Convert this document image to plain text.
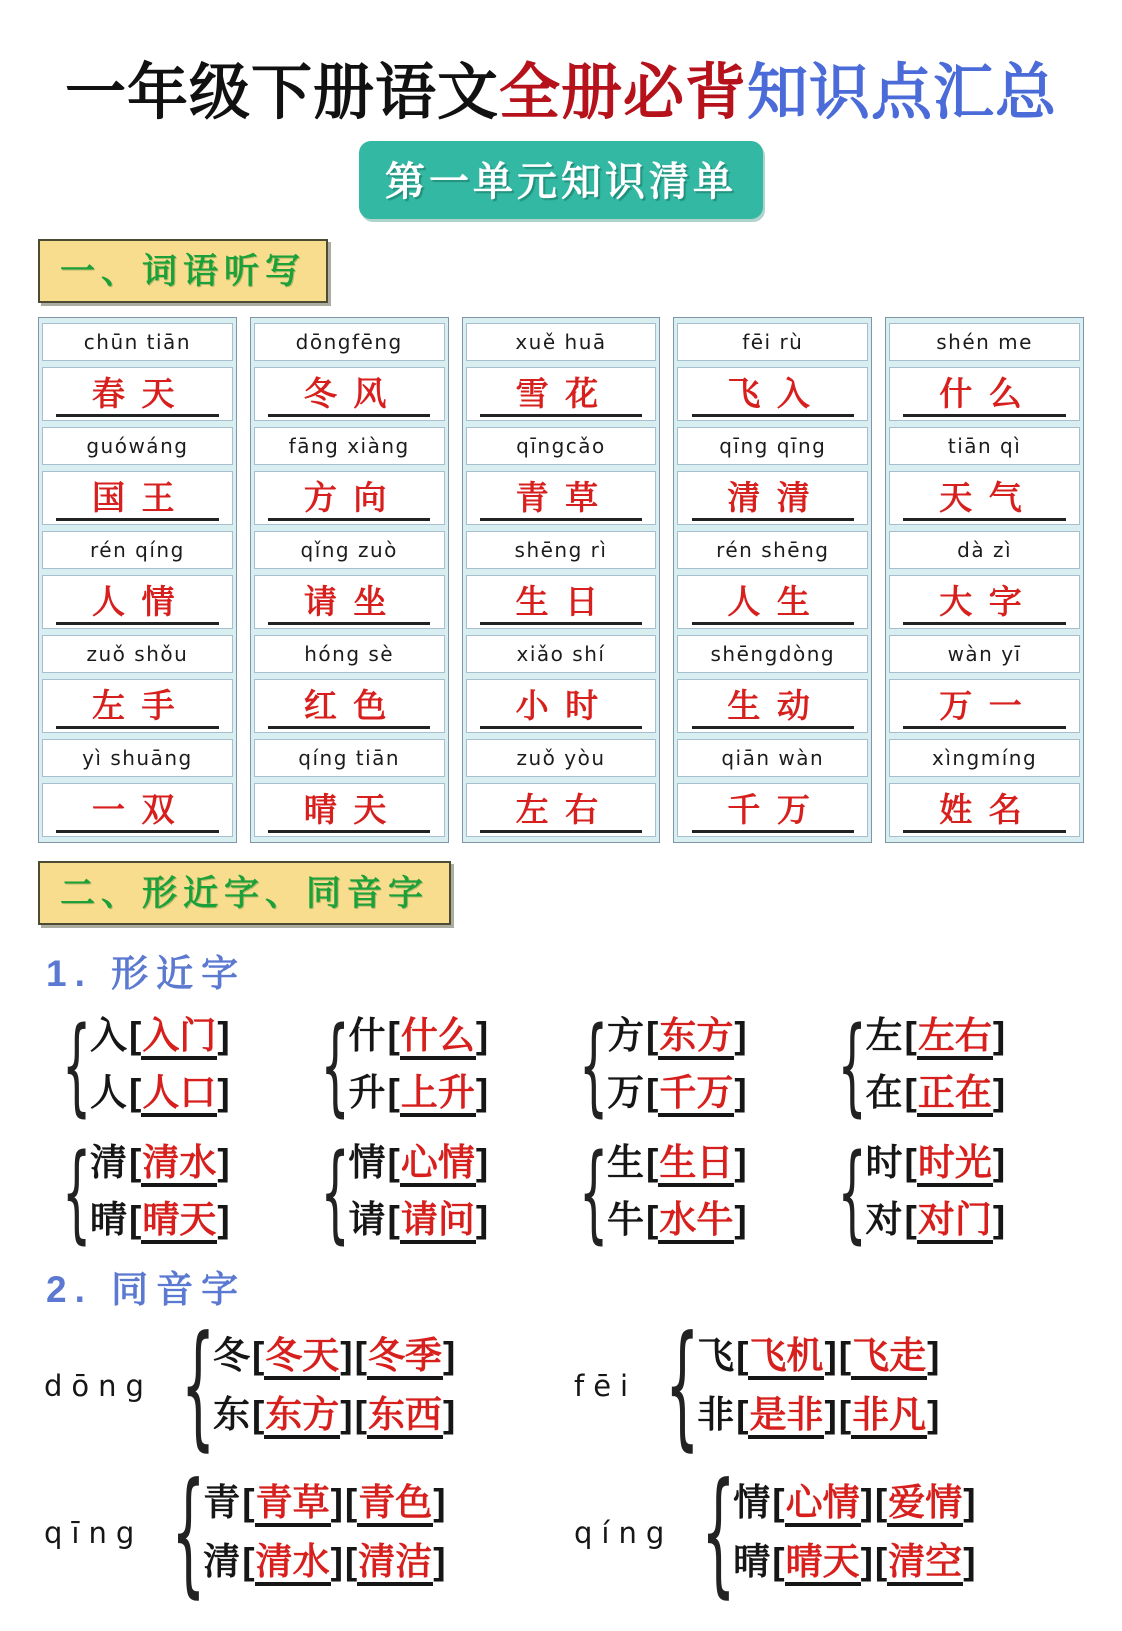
一年级下册语文全册必背知识点汇总
第一单元知识清单
一、词语听写
chūn tiān
春天
guówáng
国王
rén qíng
人情
zuǒ shǒu
左手
yì shuāng
一双
dōngfēng
冬风
fāng xiàng
方向
qǐng zuò
请坐
hóng sè
红色
qíng tiān
晴天
xuě huā
雪花
qīngcǎo
青草
shēng rì
生日
xiǎo shí
小时
zuǒ yòu
左右
fēi rù
飞入
qīng qīng
清清
rén shēng
人生
shēngdòng
生动
qiān wàn
千万
shén me
什么
tiān qì
天气
dà zì
大字
wàn yī
万一
xìngmíng
姓名
二、形近字、同音字
1. 形近字
{
入 [ 入门 ]
人 [ 人口 ]
{
什 [ 什么 ]
升 [ 上升 ]
{
方 [ 东方 ]
万 [ 千万 ]
{
左 [ 左右 ]
在 [ 正在 ]
{
清 [ 清水 ]
晴 [ 晴天 ]
{
情 [ 心情 ]
请 [ 请问 ]
{
生 [ 生日 ]
牛 [ 水牛 ]
{
时 [ 时光 ]
对 [ 对门 ]
2. 同音字
dōng
{
冬 [ 冬天 ] [ 冬季 ]
东 [ 东方 ] [ 东西 ]
fēi
{
飞 [ 飞机 ] [ 飞走 ]
非 [ 是非 ] [ 非凡 ]
qīng
{
青 [ 青草 ] [ 青色 ]
清 [ 清水 ] [ 清洁 ]
qíng
{
情 [ 心情 ] [ 爱情 ]
晴 [ 晴天 ] [ 清空 ]
